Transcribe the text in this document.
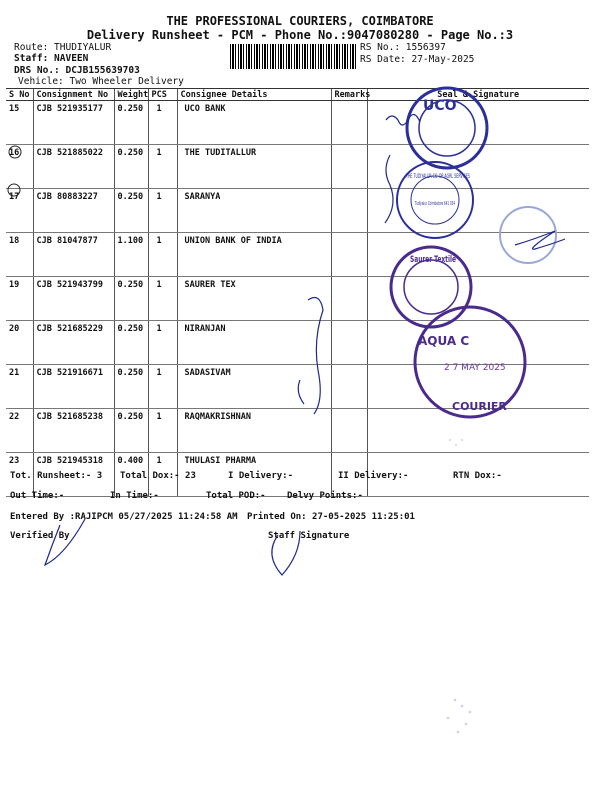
THE PROFESSIONAL COURIERS, COIMBATORE
Delivery Runsheet - PCM - Phone No.:9047080280 - Page No.:3
Route: THUDIYALUR
Staff: NAVEEN
DRS No.: DCJB155639703
Vehicle: Two Wheeler Delivery
RS No.: 1556397
RS Date: 27-May-2025
S No	Consignment No	Weight	PCS	Consignee Details	Remarks	Seal & Signature
15	CJB 521935177	0.250	1	UCO BANK		
16	CJB 521885022	0.250	1	THE TUDITALLUR		
17	CJB 80883227	0.250	1	SARANYA		
18	CJB 81047877	1.100	1	UNION BANK OF INDIA		
19	CJB 521943799	0.250	1	SAURER TEX		
20	CJB 521685229	0.250	1	NIRANJAN		
21	CJB 521916671	0.250	1	SADASIVAM		
22	CJB 521685238	0.250	1	RAQMAKRISHNAN		
23	CJB 521945318	0.400	1	THULASI PHARMA		
Tot. Runsheet:- 3 Total Dox:- 23	I Delivery:-	II Delivery:-	RTN Dox:-
Out Time:-	In Time:-	Total POD:- Delvy Points:-
Entered By :RAJIPCM 05/27/2025 11:24:58 AM Printed On: 27-05-2025 11:25:01
Verified By	Staff Signature
UCO
THE TUDIYALUR CO-OP AGRL SERVICES
Tudiyalur Coimbatore 641 034
Saurer Textile
AQUA C
2 7 MAY 2025
COURIER
